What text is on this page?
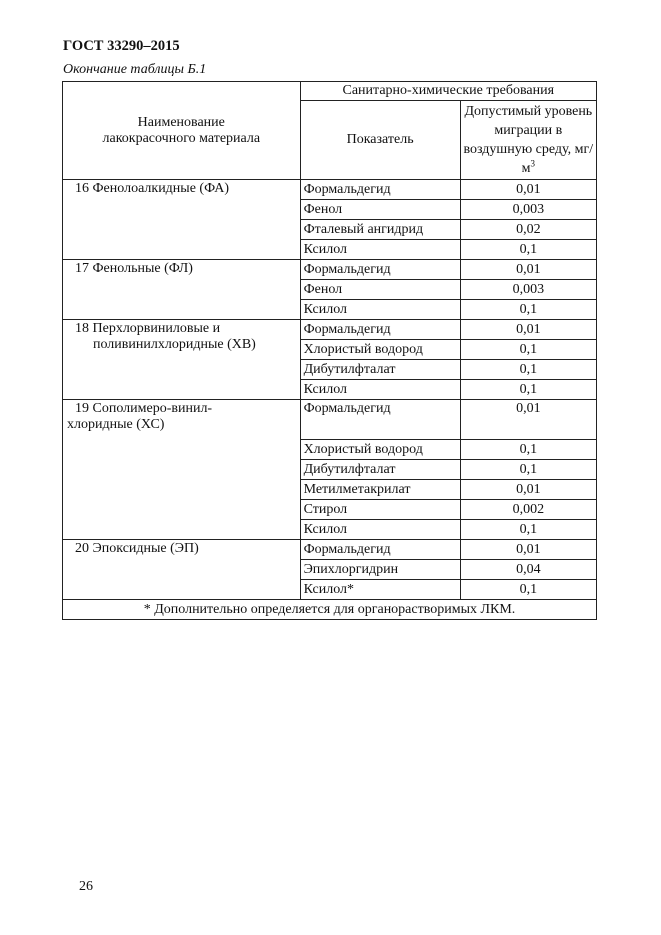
ГОСТ 33290–2015
Окончание таблицы Б.1
Наименование лакокрасочного материала	Санитарно-химические требования	
	Показатель	Допустимый уровень миграции в воздушную среду, $мг/м^3$

16 Фенолоалкидные (ФА)	Формальдегид	0,01
	Фенол	0,003
	Фталевый ангидрид	0,02
	Ксилол	0,1

17 Фенольные (ФЛ)	Формальдегид	0,01
	Фенол	0,003
	Ксилол	0,1

18 Перхлорвиниловые и
поливинилхлоридные (ХВ)	Формальдегид	0,01
	Хлористый водород	0,1
	Дибутилфталат	0,1
	Ксилол	0,1

19 Сополимеро-винил-
хлоридные (ХС)	Формальдегид	0,01
	Хлористый водород	0,1
	Дибутилфталат	0,1
	Метилметакрилат	0,01
	Стирол	0,002
	Ксилол	0,1

20 Эпоксидные (ЭП)	Формальдегид	0,01
	Эпихлоргидрин	0,04
	Ксилол*	0,1
* Дополнительно определяется для органорастворимых ЛКМ.		
26
